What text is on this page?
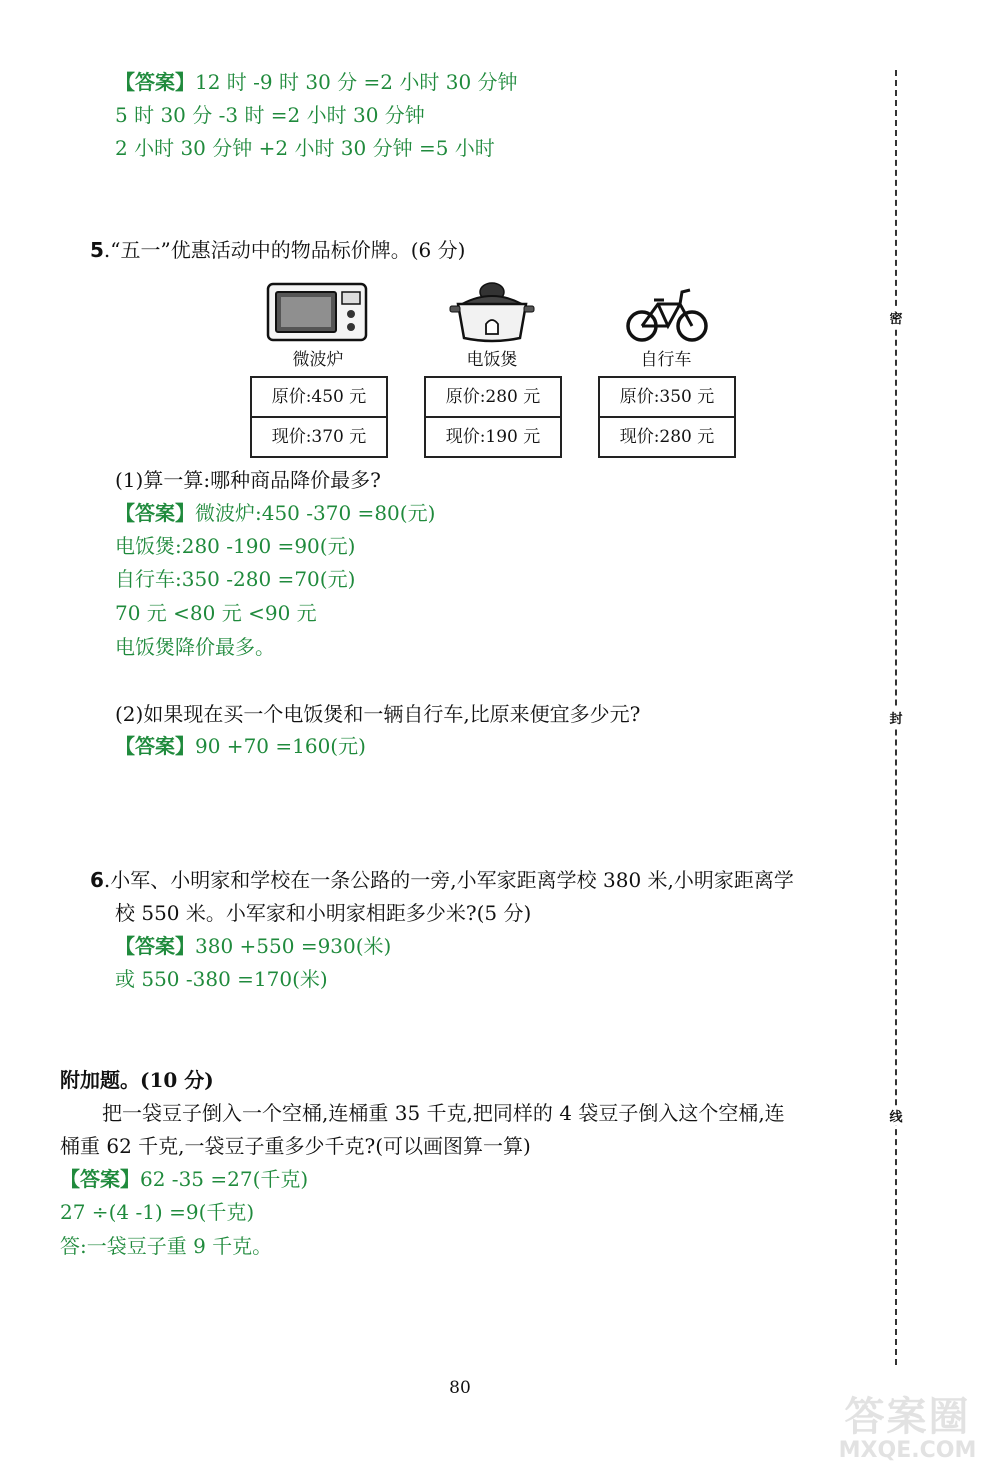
【答案】12 时 -9 时 30 分 =2 小时 30 分钟
5 时 30 分 -3 时 =2 小时 30 分钟
2 小时 30 分钟 +2 小时 30 分钟 =5 小时
5.“五一”优惠活动中的物品标价牌。(6 分)
微波炉
原价:450 元
现价:370 元
电饭煲
原价:280 元
现价:190 元
自行车
原价:350 元
现价:280 元
(1)算一算:哪种商品降价最多?
【答案】微波炉:450 -370 =80(元)
电饭煲:280 -190 =90(元)
自行车:350 -280 =70(元)
70 元 <80 元 <90 元
电饭煲降价最多。
(2)如果现在买一个电饭煲和一辆自行车,比原来便宜多少元?
【答案】90 +70 =160(元)
6.小军、小明家和学校在一条公路的一旁,小军家距离学校 380 米,小明家距离学
校 550 米。小军家和小明家相距多少米?(5 分)
【答案】380 +550 =930(米)
或 550 -380 =170(米)
附加题。(10 分)
把一袋豆子倒入一个空桶,连桶重 35 千克,把同样的 4 袋豆子倒入这个空桶,连
桶重 62 千克,一袋豆子重多少千克?(可以画图算一算)
【答案】62 -35 =27(千克)
27 ÷(4 -1) =9(千克)
答:一袋豆子重 9 千克。
密
封
线
80
答案圈
MXQE.COM
